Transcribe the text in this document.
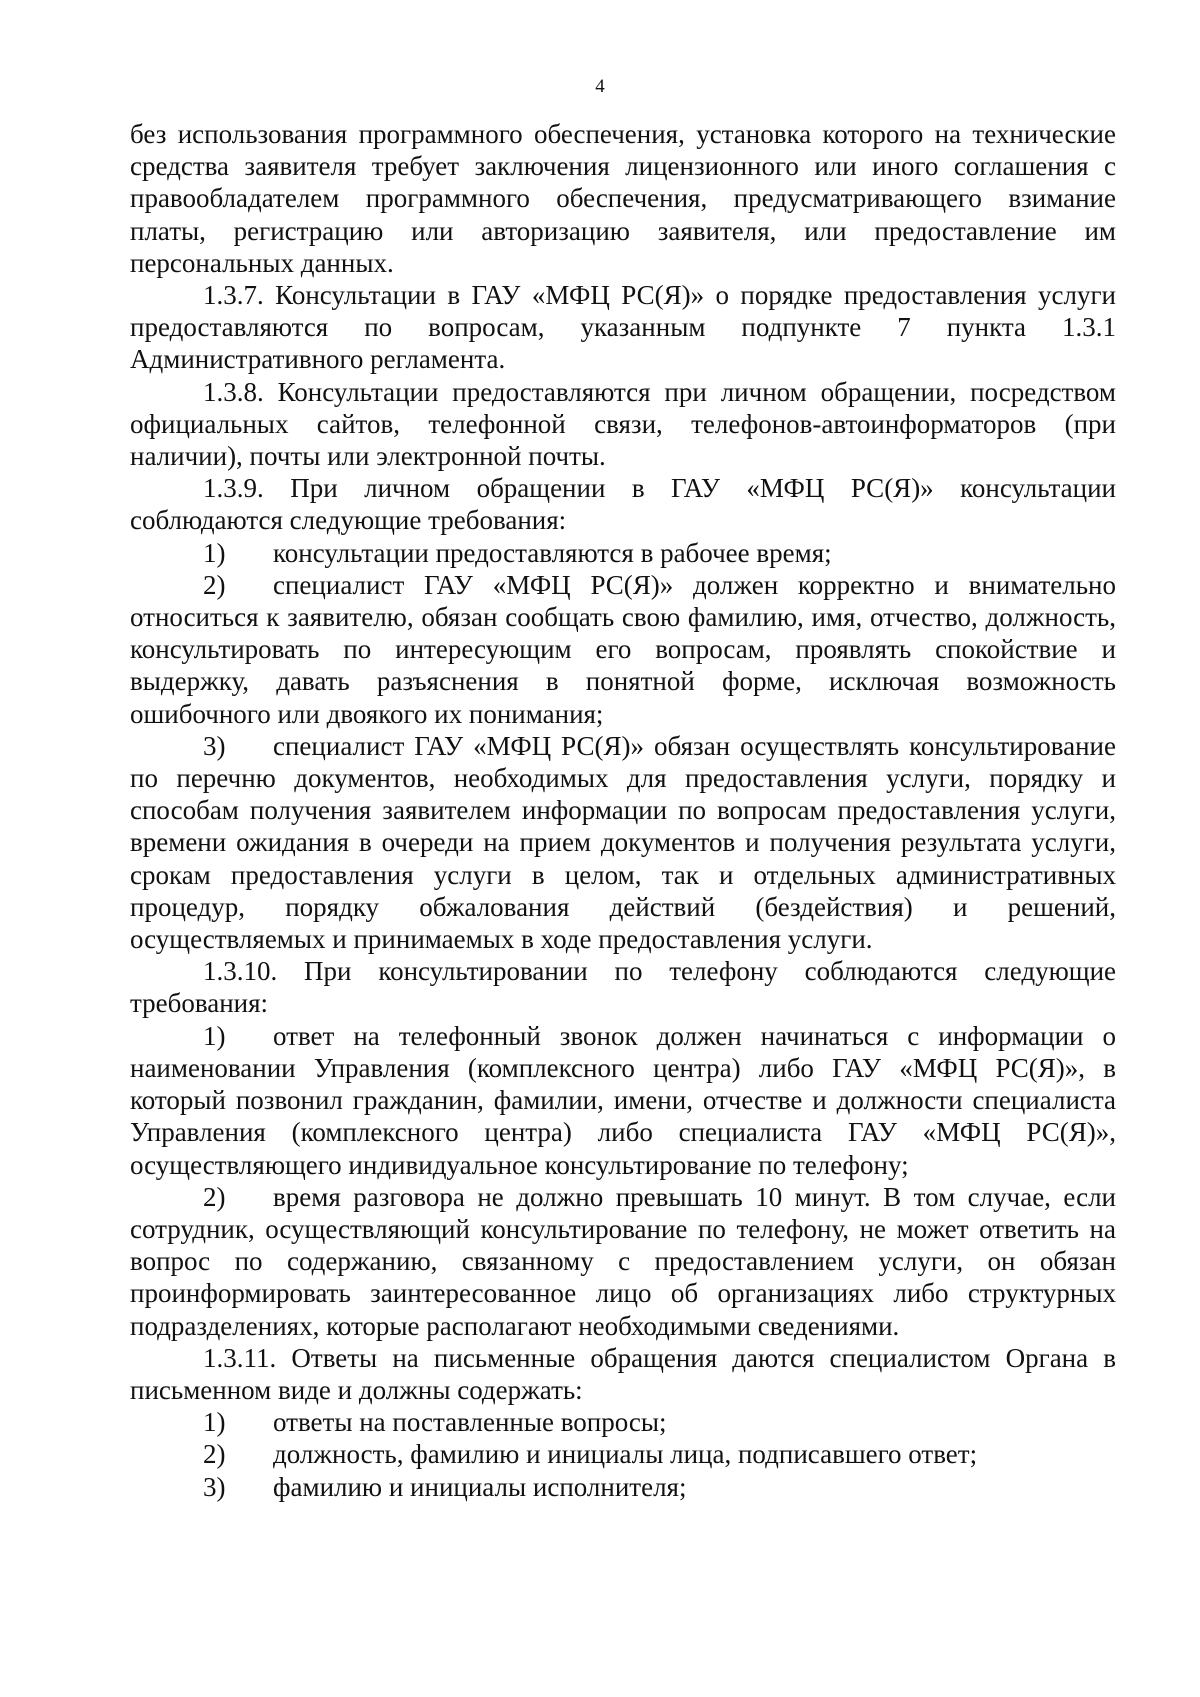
4

без использования программного обеспечения, установка которого на технические средства заявителя требует заключения лицензионного или иного соглашения с правообладателем программного обеспечения, предусматривающего взимание платы, регистрацию или авторизацию заявителя, или предоставление им персональных данных.

1.3.7. Консультации в ГАУ «МФЦ РС(Я)» о порядке предоставления услуги предоставляются по вопросам, указанным подпункте 7 пункта 1.3.1 Административного регламента.

1.3.8. Консультации предоставляются при личном обращении, посредством официальных сайтов, телефонной связи, телефонов-автоинформаторов (при наличии), почты или электронной почты.

1.3.9. При личном обращении в ГАУ «МФЦ РС(Я)» консультации соблюдаются следующие требования:

1) консультации предоставляются в рабочее время;

2) специалист ГАУ «МФЦ РС(Я)» должен корректно и внимательно относиться к заявителю, обязан сообщать свою фамилию, имя, отчество, должность, консультировать по интересующим его вопросам, проявлять спокойствие и выдержку, давать разъяснения в понятной форме, исключая возможность ошибочного или двоякого их понимания;

3) специалист ГАУ «МФЦ РС(Я)» обязан осуществлять консультирование по перечню документов, необходимых для предоставления услуги, порядку и способам получения заявителем информации по вопросам предоставления услуги, времени ожидания в очереди на прием документов и получения результата услуги, срокам предоставления услуги в целом, так и отдельных административных процедур, порядку обжалования действий (бездействия) и решений, осуществляемых и принимаемых в ходе предоставления услуги.

1.3.10. При консультировании по телефону соблюдаются следующие требования:

1) ответ на телефонный звонок должен начинаться с информации о наименовании Управления (комплексного центра) либо ГАУ «МФЦ РС(Я)», в который позвонил гражданин, фамилии, имени, отчестве и должности специалиста Управления (комплексного центра) либо специалиста ГАУ «МФЦ РС(Я)», осуществляющего индивидуальное консультирование по телефону;

2) время разговора не должно превышать 10 минут. В том случае, если сотрудник, осуществляющий консультирование по телефону, не может ответить на вопрос по содержанию, связанному с предоставлением услуги, он обязан проинформировать заинтересованное лицо об организациях либо структурных подразделениях, которые располагают необходимыми сведениями.

1.3.11. Ответы на письменные обращения даются специалистом Органа в письменном виде и должны содержать:

1) ответы на поставленные вопросы;

2) должность, фамилию и инициалы лица, подписавшего ответ;

3) фамилию и инициалы исполнителя;
